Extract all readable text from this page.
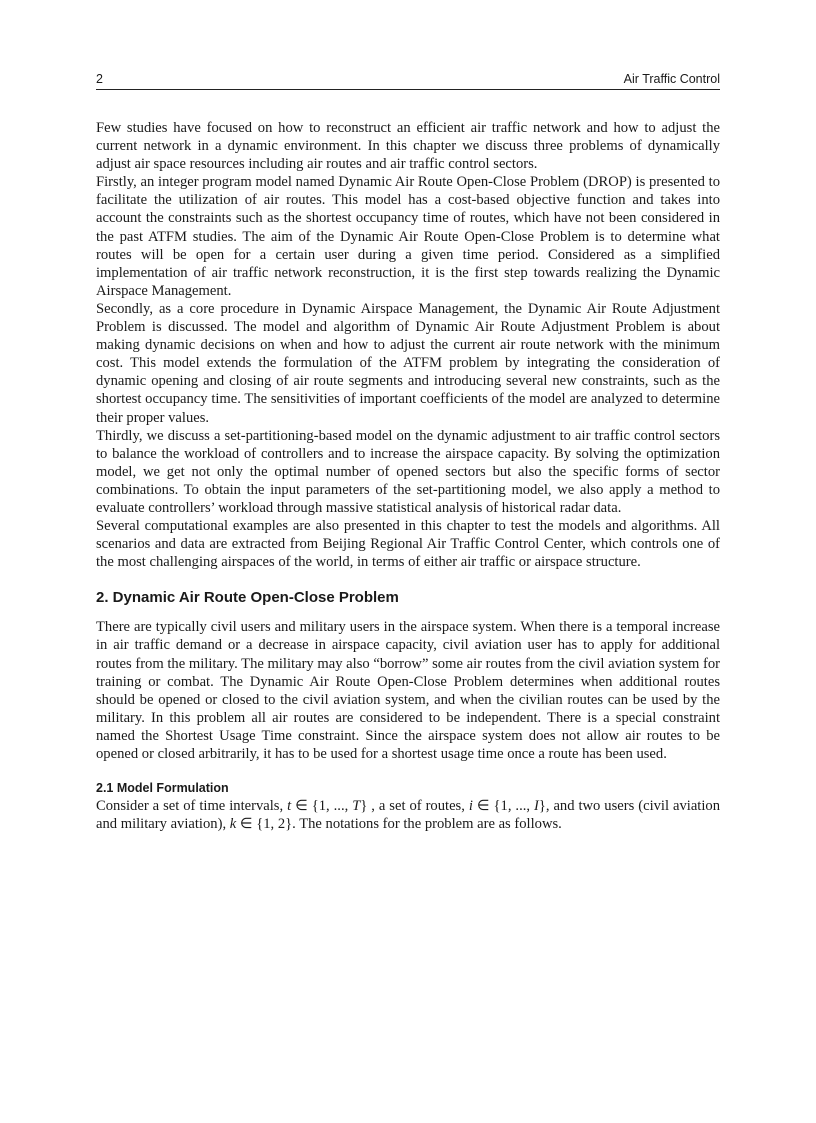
2	Air Traffic Control

Few studies have focused on how to reconstruct an efficient air traffic network and how to adjust the current network in a dynamic environment. In this chapter we discuss three problems of dynamically adjust air space resources including air routes and air traffic control sectors.

Firstly, an integer program model named Dynamic Air Route Open-Close Problem (DROP) is presented to facilitate the utilization of air routes. This model has a cost-based objective function and takes into account the constraints such as the shortest occupancy time of routes, which have not been considered in the past ATFM studies. The aim of the Dynamic Air Route Open-Close Problem is to determine what routes will be open for a certain user during a given time period. Considered as a simplified implementation of air traffic network reconstruction, it is the first step towards realizing the Dynamic Airspace Management.

Secondly, as a core procedure in Dynamic Airspace Management, the Dynamic Air Route Adjustment Problem is discussed. The model and algorithm of Dynamic Air Route Adjustment Problem is about making dynamic decisions on when and how to adjust the current air route network with the minimum cost. This model extends the formulation of the ATFM problem by integrating the consideration of dynamic opening and closing of air route segments and introducing several new constraints, such as the shortest occupancy time. The sensitivities of important coefficients of the model are analyzed to determine their proper values.

Thirdly, we discuss a set-partitioning-based model on the dynamic adjustment to air traffic control sectors to balance the workload of controllers and to increase the airspace capacity. By solving the optimization model, we get not only the optimal number of opened sectors but also the specific forms of sector combinations. To obtain the input parameters of the set-partitioning model, we also apply a method to evaluate controllers’ workload through massive statistical analysis of historical radar data.

Several computational examples are also presented in this chapter to test the models and algorithms. All scenarios and data are extracted from Beijing Regional Air Traffic Control Center, which controls one of the most challenging airspaces of the world, in terms of either air traffic or airspace structure.

2. Dynamic Air Route Open-Close Problem

There are typically civil users and military users in the airspace system. When there is a temporal increase in air traffic demand or a decrease in airspace capacity, civil aviation user has to apply for additional routes from the military. The military may also “borrow” some air routes from the civil aviation system for training or combat. The Dynamic Air Route Open-Close Problem determines when additional routes should be opened or closed to the civil aviation system, and when the civilian routes can be used by the military. In this problem all air routes are considered to be independent. There is a special constraint named the Shortest Usage Time constraint. Since the airspace system does not allow air routes to be opened or closed arbitrarily, it has to be used for a shortest usage time once a route has been used.

2.1 Model Formulation

Consider a set of time intervals, t ∈ {1, ..., T} , a set of routes, i ∈ {1, ..., I}, and two users (civil aviation and military aviation), k ∈ {1, 2}. The notations for the problem are as follows.
